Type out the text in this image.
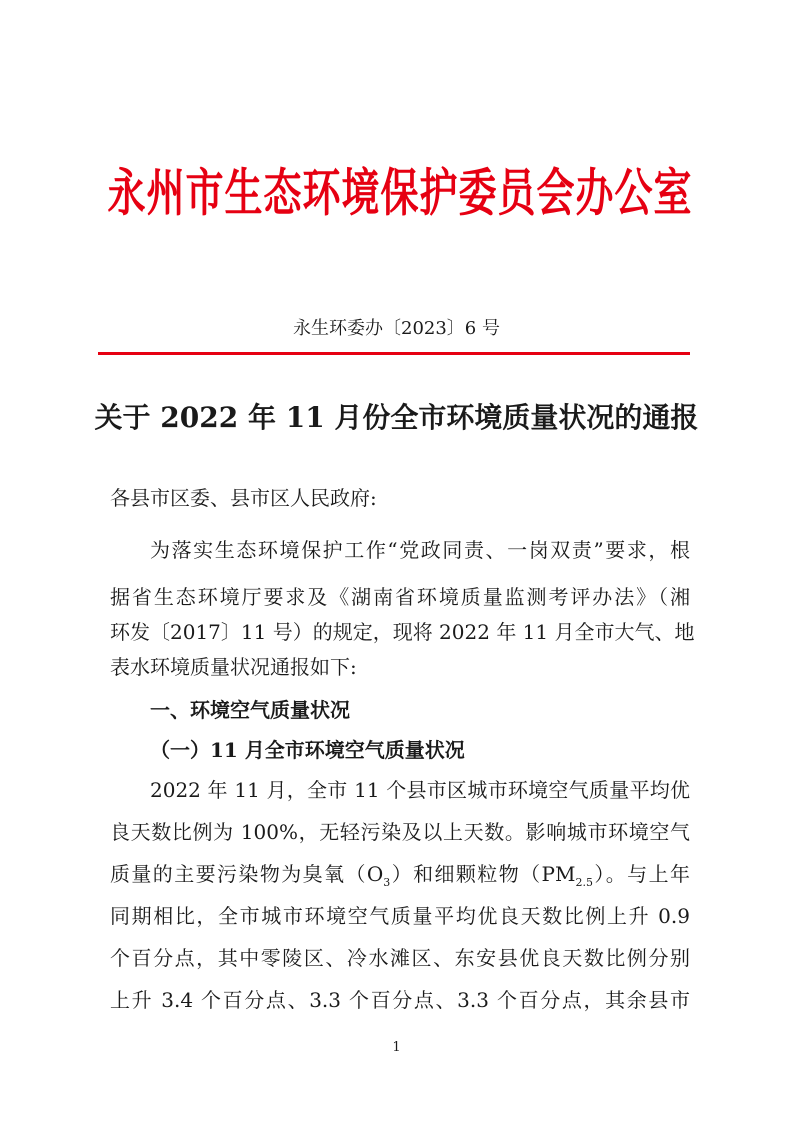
永州市生态环境保护委员会办公室
永生环委办〔2023〕6 号
关于 2022 年 11 月份全市环境质量状况的通报
各县市区委、县市区人民政府:
为落实生态环境保护工作“党政同责、一岗双责”要求，根
据省生态环境厅要求及《湖南省环境质量监测考评办法》（湘
环发〔2017〕11 号）的规定，现将 2022 年 11 月全市大气、地
表水环境质量状况通报如下:
一、环境空气质量状况
（一）11 月全市环境空气质量状况
2022 年 11 月，全市 11 个县市区城市环境空气质量平均优
良天数比例为 100%，无轻污染及以上天数。影响城市环境空气
质量的主要污染物为臭氧$(O_3)$和细颗粒物$(PM_{2.5})$。与上年
同期相比，全市城市环境空气质量平均优良天数比例上升 0.9
个百分点，其中零陵区、冷水滩区、东安县优良天数比例分别
上升 3.4 个百分点、3.3 个百分点、3.3 个百分点，其余县市
1
